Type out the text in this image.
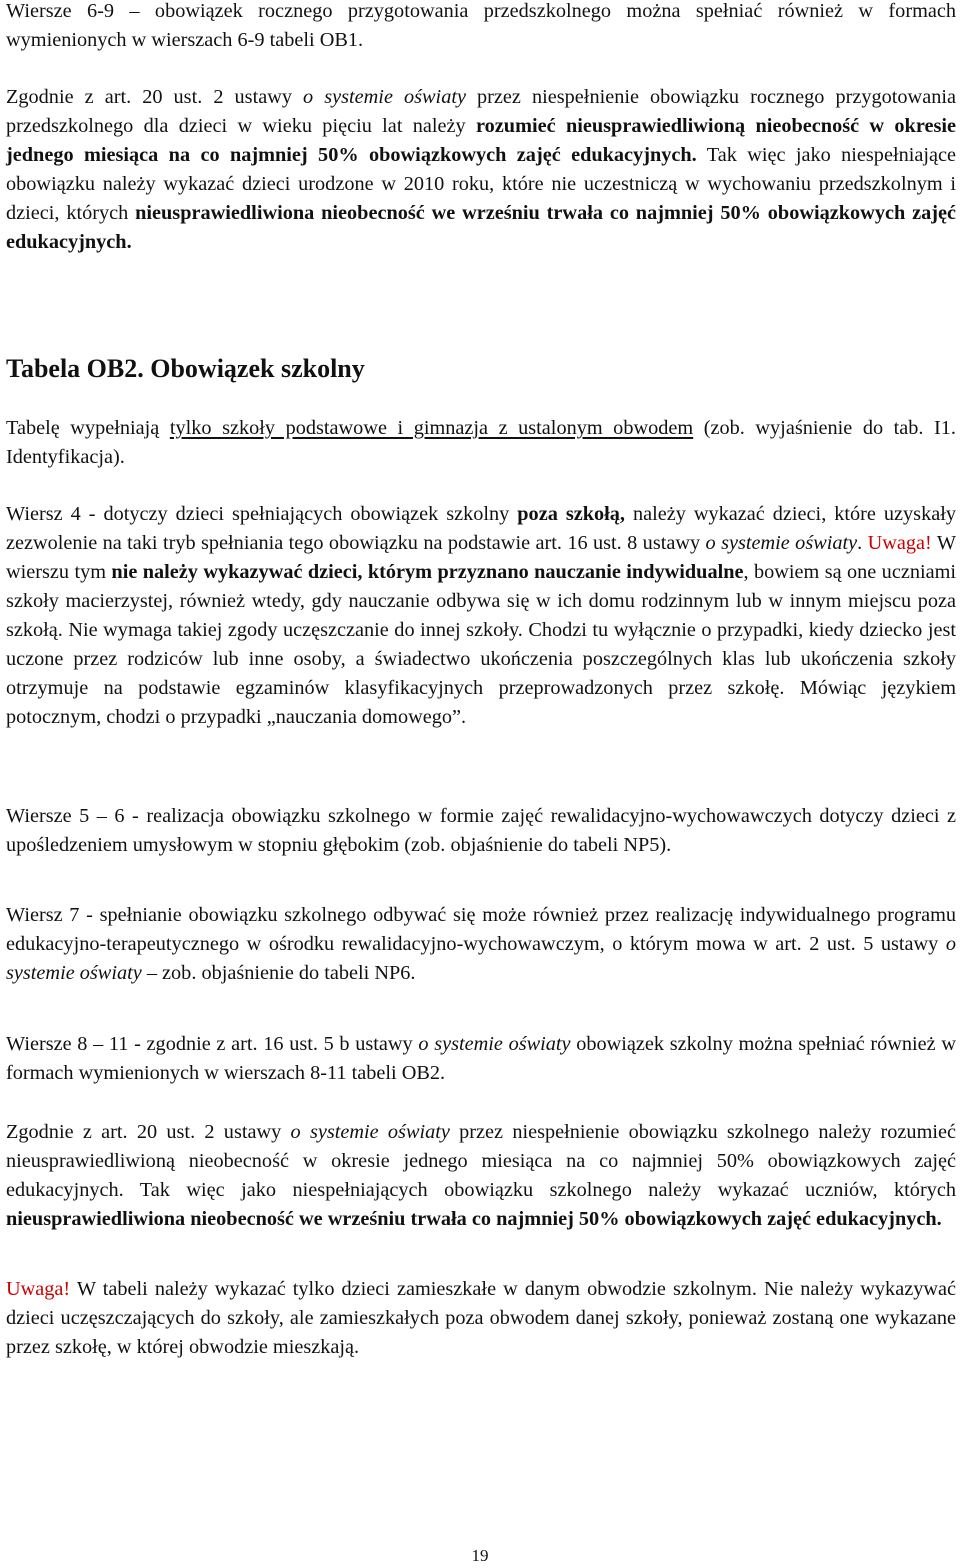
Wiersze 6-9 – obowiązek rocznego przygotowania przedszkolnego można spełniać również w formach wymienionych w wierszach 6-9 tabeli OB1.

Zgodnie z art. 20 ust. 2 ustawy o systemie oświaty przez niespełnienie obowiązku rocznego przygotowania przedszkolnego dla dzieci w wieku pięciu lat należy rozumieć nieusprawiedliwioną nieobecność w okresie jednego miesiąca na co najmniej 50% obowiązkowych zajęć edukacyjnych. Tak więc jako niespełniające obowiązku należy wykazać dzieci urodzone w 2010 roku, które nie uczestniczą w wychowaniu przedszkolnym i dzieci, których nieusprawiedliwiona nieobecność we wrześniu trwała co najmniej 50% obowiązkowych zajęć edukacyjnych.

Tabela OB2. Obowiązek szkolny

Tabelę wypełniają tylko szkoły podstawowe i gimnazja z ustalonym obwodem (zob. wyjaśnienie do tab. I1. Identyfikacja).

Wiersz 4 - dotyczy dzieci spełniających obowiązek szkolny poza szkołą, należy wykazać dzieci, które uzyskały zezwolenie na taki tryb spełniania tego obowiązku na podstawie art. 16 ust. 8 ustawy o systemie oświaty. Uwaga! W wierszu tym nie należy wykazywać dzieci, którym przyznano nauczanie indywidualne, bowiem są one uczniami szkoły macierzystej, również wtedy, gdy nauczanie odbywa się w ich domu rodzinnym lub w innym miejscu poza szkołą. Nie wymaga takiej zgody uczęszczanie do innej szkoły. Chodzi tu wyłącznie o przypadki, kiedy dziecko jest uczone przez rodziców lub inne osoby, a świadectwo ukończenia poszczególnych klas lub ukończenia szkoły otrzymuje na podstawie egzaminów klasyfikacyjnych przeprowadzonych przez szkołę. Mówiąc językiem potocznym, chodzi o przypadki „nauczania domowego”.

Wiersze 5 – 6 - realizacja obowiązku szkolnego w formie zajęć rewalidacyjno-wychowawczych dotyczy dzieci z upośledzeniem umysłowym w stopniu głębokim (zob. objaśnienie do tabeli NP5).

Wiersz 7 - spełnianie obowiązku szkolnego odbywać się może również przez realizację indywidualnego programu edukacyjno-terapeutycznego w ośrodku rewalidacyjno-wychowawczym, o którym mowa w art. 2 ust. 5 ustawy o systemie oświaty – zob. objaśnienie do tabeli NP6.

Wiersze 8 – 11 - zgodnie z art. 16 ust. 5 b ustawy o systemie oświaty obowiązek szkolny można spełniać również w formach wymienionych w wierszach 8-11 tabeli OB2.

Zgodnie z art. 20 ust. 2 ustawy o systemie oświaty przez niespełnienie obowiązku szkolnego należy rozumieć nieusprawiedliwioną nieobecność w okresie jednego miesiąca na co najmniej 50% obowiązkowych zajęć edukacyjnych. Tak więc jako niespełniających obowiązku szkolnego należy wykazać uczniów, których nieusprawiedliwiona nieobecność we wrześniu trwała co najmniej 50% obowiązkowych zajęć edukacyjnych.

Uwaga! W tabeli należy wykazać tylko dzieci zamieszkałe w danym obwodzie szkolnym. Nie należy wykazywać dzieci uczęszczających do szkoły, ale zamieszkałych poza obwodem danej szkoły, ponieważ zostaną one wykazane przez szkołę, w której obwodzie mieszkają.

19
